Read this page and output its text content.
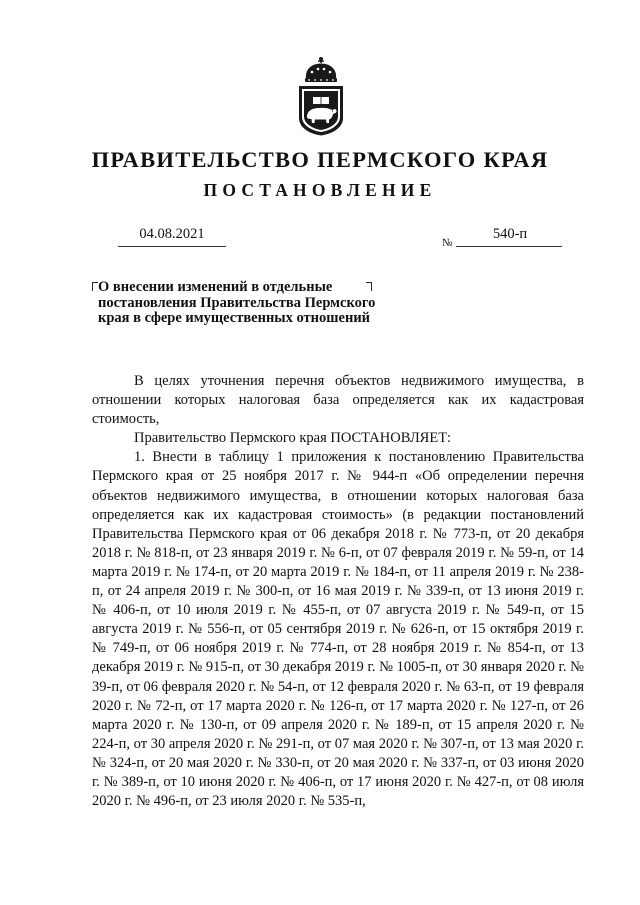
ПРАВИТЕЛЬСТВО ПЕРМСКОГО КРАЯ
ПОСТАНОВЛЕНИЕ
04.08.2021
№
540-п
О внесении изменений в отдельные
постановления Правительства Пермского
края в сфере имущественных отношений

В целях уточнения перечня объектов недвижимого имущества, в отношении которых налоговая база определяется как их кадастровая стоимость,

Правительство Пермского края ПОСТАНОВЛЯЕТ:

1. Внести в таблицу 1 приложения к постановлению Правительства Пермского края от 25 ноября 2017 г. № 944-п «Об определении перечня объектов недвижимого имущества, в отношении которых налоговая база определяется как их кадастровая стоимость» (в редакции постановлений Правительства Пермского края от 06 декабря 2018 г. № 773-п, от 20 декабря 2018 г. № 818-п, от 23 января 2019 г. № 6-п, от 07 февраля 2019 г. № 59-п, от 14 марта 2019 г. № 174-п, от 20 марта 2019 г. № 184-п, от 11 апреля 2019 г. № 238-п, от 24 апреля 2019 г. № 300-п, от 16 мая 2019 г. № 339-п, от 13 июня 2019 г. № 406-п, от 10 июля 2019 г. № 455-п, от 07 августа 2019 г. № 549-п, от 15 августа 2019 г. № 556-п, от 05 сентября 2019 г. № 626-п, от 15 октября 2019 г. № 749-п, от 06 ноября 2019 г. № 774-п, от 28 ноября 2019 г. № 854-п, от 13 декабря 2019 г. № 915-п, от 30 декабря 2019 г. № 1005-п, от 30 января 2020 г. № 39-п, от 06 февраля 2020 г. № 54-п, от 12 февраля 2020 г. № 63-п, от 19 февраля 2020 г. № 72-п, от 17 марта 2020 г. № 126-п, от 17 марта 2020 г. № 127-п, от 26 марта 2020 г. № 130-п, от 09 апреля 2020 г. № 189-п, от 15 апреля 2020 г. № 224-п, от 30 апреля 2020 г. № 291-п, от 07 мая 2020 г. № 307-п, от 13 мая 2020 г. № 324-п, от 20 мая 2020 г. № 330-п, от 20 мая 2020 г. № 337-п, от 03 июня 2020 г. № 389-п, от 10 июня 2020 г. № 406-п, от 17 июня 2020 г. № 427-п, от 08 июля 2020 г. № 496-п, от 23 июля 2020 г. № 535-п,
